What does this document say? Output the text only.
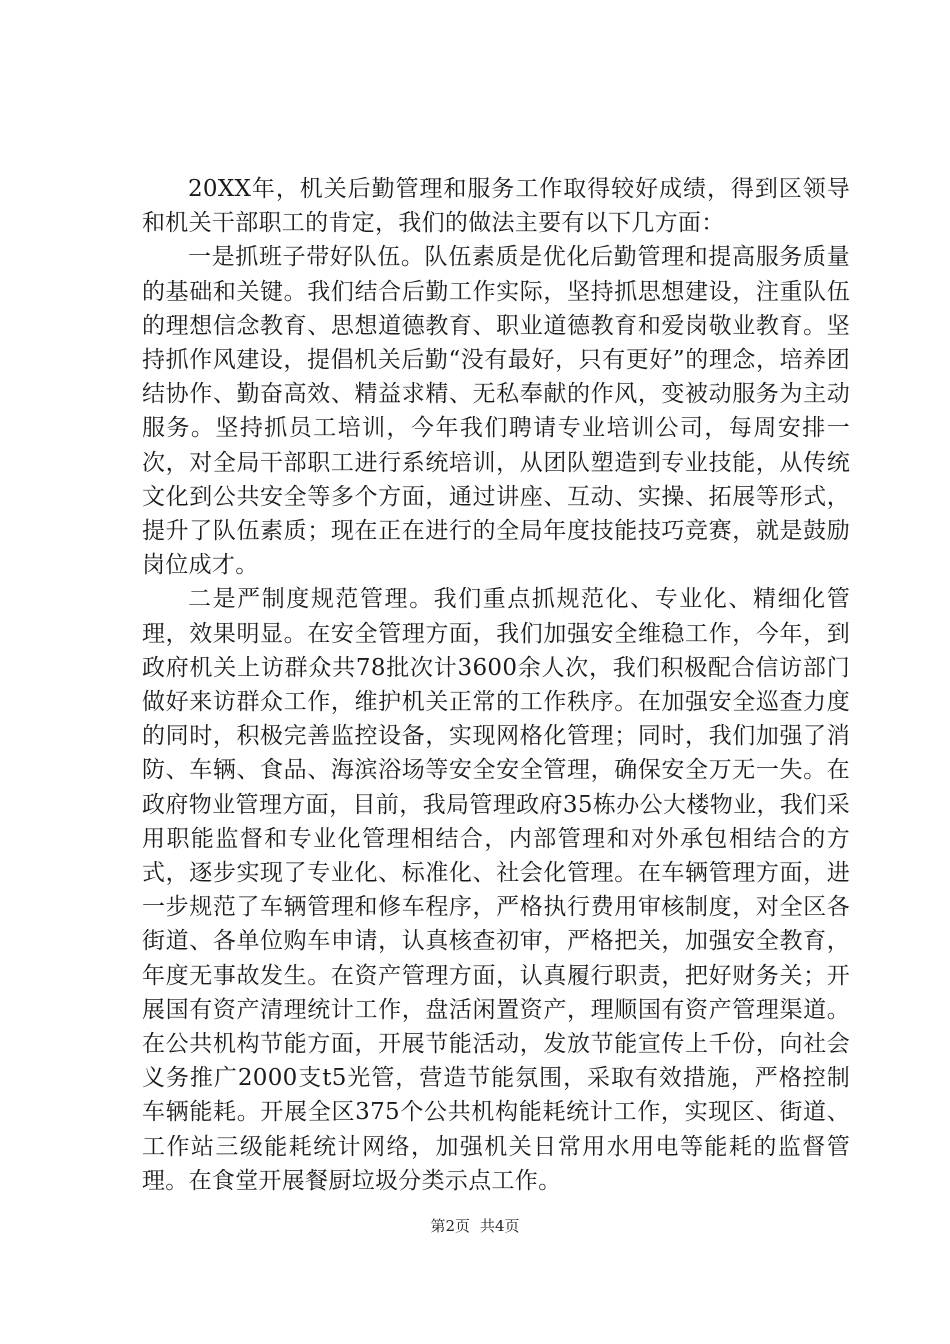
20XX年，机关后勤管理和服务工作取得较好成绩，得到区领导和机关干部职工的肯定，我们的做法主要有以下几方面：

一是抓班子带好队伍。队伍素质是优化后勤管理和提高服务质量的基础和关键。我们结合后勤工作实际，坚持抓思想建设，注重队伍的理想信念教育、思想道德教育、职业道德教育和爱岗敬业教育。坚持抓作风建设，提倡机关后勤“没有最好，只有更好”的理念，培养团结协作、勤奋高效、精益求精、无私奉献的作风，变被动服务为主动服务。坚持抓员工培训，今年我们聘请专业培训公司，每周安排一次，对全局干部职工进行系统培训，从团队塑造到专业技能，从传统文化到公共安全等多个方面，通过讲座、互动、实操、拓展等形式，提升了队伍素质；现在正在进行的全局年度技能技巧竞赛，就是鼓励岗位成才。

二是严制度规范管理。我们重点抓规范化、专业化、精细化管理，效果明显。在安全管理方面，我们加强安全维稳工作，今年，到政府机关上访群众共78批次计3600余人次，我们积极配合信访部门做好来访群众工作，维护机关正常的工作秩序。在加强安全巡查力度的同时，积极完善监控设备，实现网格化管理；同时，我们加强了消防、车辆、食品、海滨浴场等安全安全管理，确保安全万无一失。在政府物业管理方面，目前，我局管理政府35栋办公大楼物业，我们采用职能监督和专业化管理相结合，内部管理和对外承包相结合的方式，逐步实现了专业化、标准化、社会化管理。在车辆管理方面，进一步规范了车辆管理和修车程序，严格执行费用审核制度，对全区各街道、各单位购车申请，认真核查初审，严格把关，加强安全教育，年度无事故发生。在资产管理方面，认真履行职责，把好财务关；开展国有资产清理统计工作，盘活闲置资产，理顺国有资产管理渠道。在公共机构节能方面，开展节能活动，发放节能宣传上千份，向社会义务推广2000支t5光管，营造节能氛围，采取有效措施，严格控制车辆能耗。开展全区375个公共机构能耗统计工作，实现区、街道、工作站三级能耗统计网络，加强机关日常用水用电等能耗的监督管理。在食堂开展餐厨垃圾分类示点工作。

第2页 共4页
